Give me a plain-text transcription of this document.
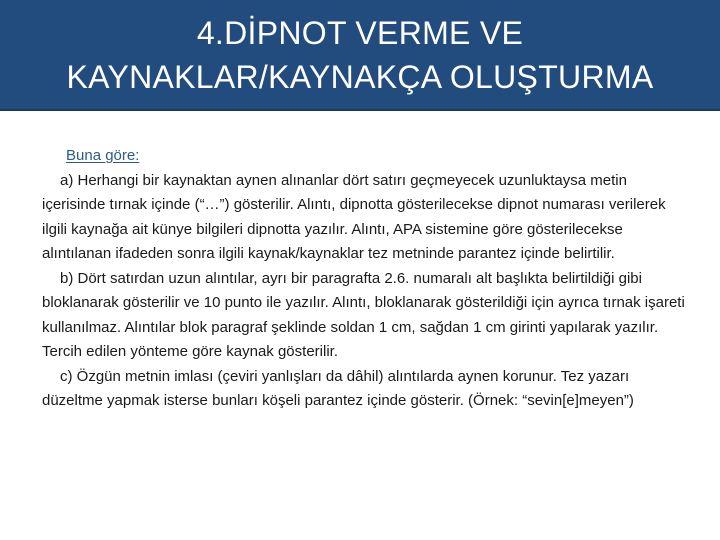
4.DİPNOT VERME VE
KAYNAKLAR/KAYNAKÇA OLUŞTURMA

Buna göre:

a) Herhangi bir kaynaktan aynen alınanlar dört satırı geçmeyecek uzunluktaysa metin içerisinde tırnak içinde (“…”) gösterilir. Alıntı, dipnotta gösterilecekse dipnot numarası verilerek ilgili kaynağa ait künye bilgileri dipnotta yazılır. Alıntı, APA sistemine göre gösterilecekse alıntılanan ifadeden sonra ilgili kaynak/kaynaklar tez metninde parantez içinde belirtilir.

b) Dört satırdan uzun alıntılar, ayrı bir paragrafta 2.6. numaralı alt başlıkta belirtildiği gibi bloklanarak gösterilir ve 10 punto ile yazılır. Alıntı, bloklanarak gösterildiği için ayrıca tırnak işareti kullanılmaz. Alıntılar blok paragraf şeklinde soldan 1 cm, sağdan 1 cm girinti yapılarak yazılır. Tercih edilen yönteme göre kaynak gösterilir.

c) Özgün metnin imlası (çeviri yanlışları da dâhil) alıntılarda aynen korunur. Tez yazarı düzeltme yapmak isterse bunları köşeli parantez içinde gösterir. (Örnek: “sevin[e]meyen”)
